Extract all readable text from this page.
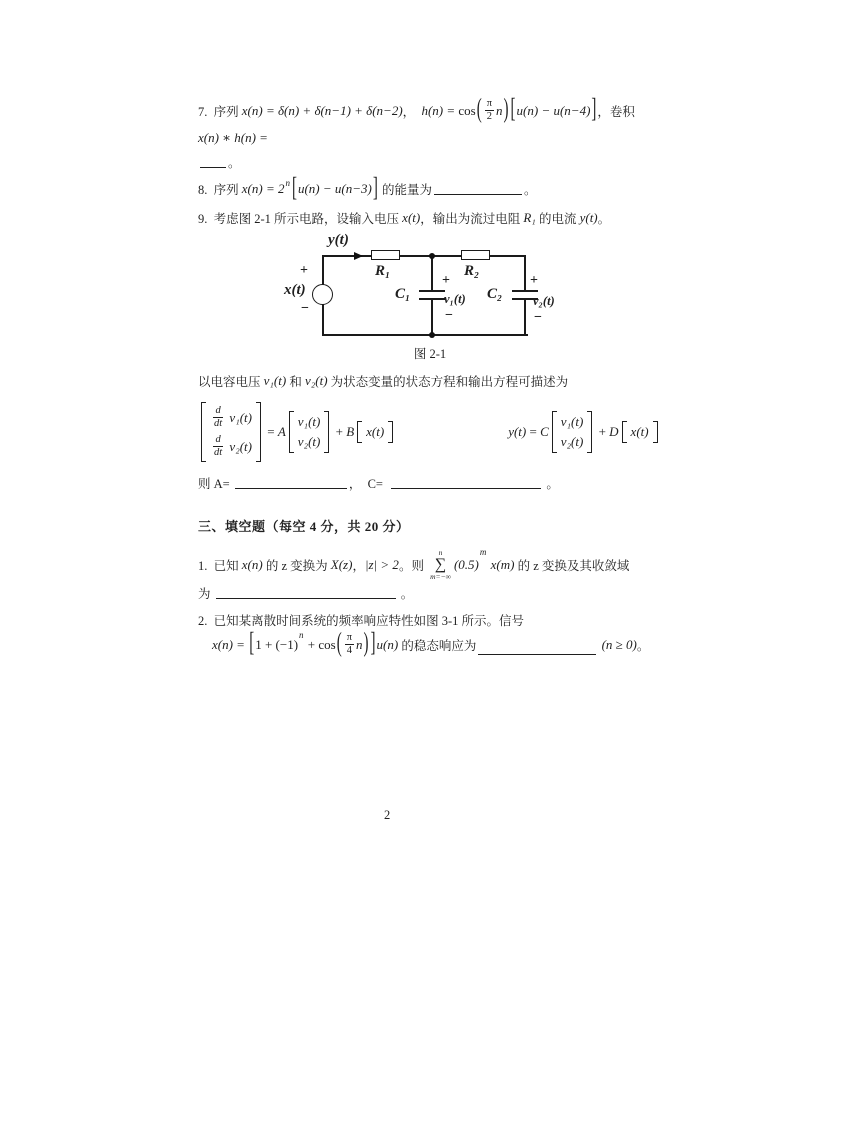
7.  序列 x(n) = δ(n) + δ(n−1) + δ(n−2) ， h(n) = cos ( $\frac{\pi}{2}$ n ) [ u(n) − u(n−4) ] ，卷积
x(n) ∗ h(n) =
。
8.  序列 x(n) = 2 n [ u(n) − u(n−3) ] 的能量为	。
9.  考虑图 2-1 所示电路，设输入电压 x(t) ，输出为流过电阻 R₁ 的电流 y(t) 。
y(t)
+
x(t)
−
R₁	R₂
C₁
+
v₁(t)
−
C₂
+
v₂(t)
−
图 2-1
以电容电压 v₁(t) 和 v₂(t) 为状态变量的状态方程和输出方程可描述为
$\frac{d}{dt} v_1(t)$
$\frac{d}{dt} v_2(t)$
= A
v₁(t)
v₂(t)
+ B x(t)	y(t) = C
v₁(t)
v₂(t)
+ D x(t)
则 A=	，  C=	。
三、填空题（每空 4 分，共 20 分）
1.  已知 x(n) 的 z 变换为 X(z) ， |z| > 2 。则
n
∑
m=−∞
(0.5)
m
x(m) 的 z 变换及其收敛域
为	。
2.  已知某离散时间系统的频率响应特性如图 3-1 所示。信号
x(n) = [ 1 + (−1)
n
+ cos ( $\frac{\pi}{4}$ n ) ] u(n) 的稳态响应为	(n ≥ 0) 。
2
